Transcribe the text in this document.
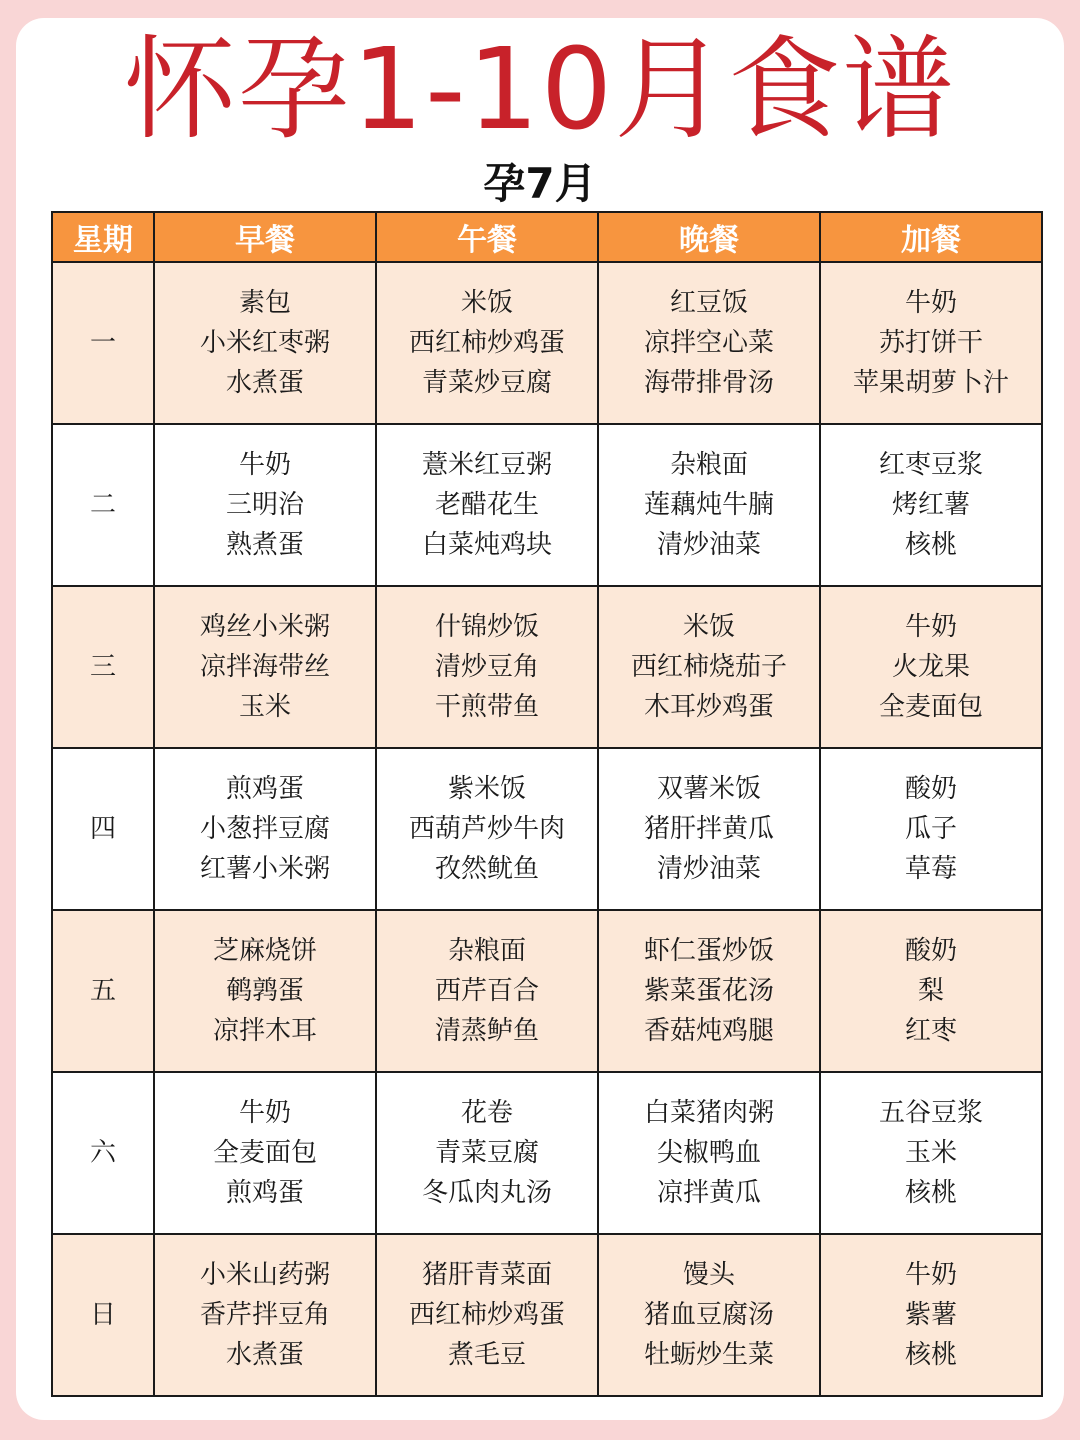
怀孕1-10月食谱
孕7月
星期	早餐	午餐	晚餐	加餐
一	素包
小米红枣粥
水煮蛋	米饭
西红柿炒鸡蛋
青菜炒豆腐	红豆饭
凉拌空心菜
海带排骨汤	牛奶
苏打饼干
苹果胡萝卜汁

二	牛奶
三明治
熟煮蛋	薏米红豆粥
老醋花生
白菜炖鸡块	杂粮面
莲藕炖牛腩
清炒油菜	红枣豆浆
烤红薯
核桃

三	鸡丝小米粥
凉拌海带丝
玉米	什锦炒饭
清炒豆角
干煎带鱼	米饭
西红柿烧茄子
木耳炒鸡蛋	牛奶
火龙果
全麦面包

四	煎鸡蛋
小葱拌豆腐
红薯小米粥	紫米饭
西葫芦炒牛肉
孜然鱿鱼	双薯米饭
猪肝拌黄瓜
清炒油菜	酸奶
瓜子
草莓

五	芝麻烧饼
鹌鹑蛋
凉拌木耳	杂粮面
西芹百合
清蒸鲈鱼	虾仁蛋炒饭
紫菜蛋花汤
香菇炖鸡腿	酸奶
梨
红枣

六	牛奶
全麦面包
煎鸡蛋	花卷
青菜豆腐
冬瓜肉丸汤	白菜猪肉粥
尖椒鸭血
凉拌黄瓜	五谷豆浆
玉米
核桃

日	小米山药粥
香芹拌豆角
水煮蛋	猪肝青菜面
西红柿炒鸡蛋
煮毛豆	馒头
猪血豆腐汤
牡蛎炒生菜	牛奶
紫薯
核桃
